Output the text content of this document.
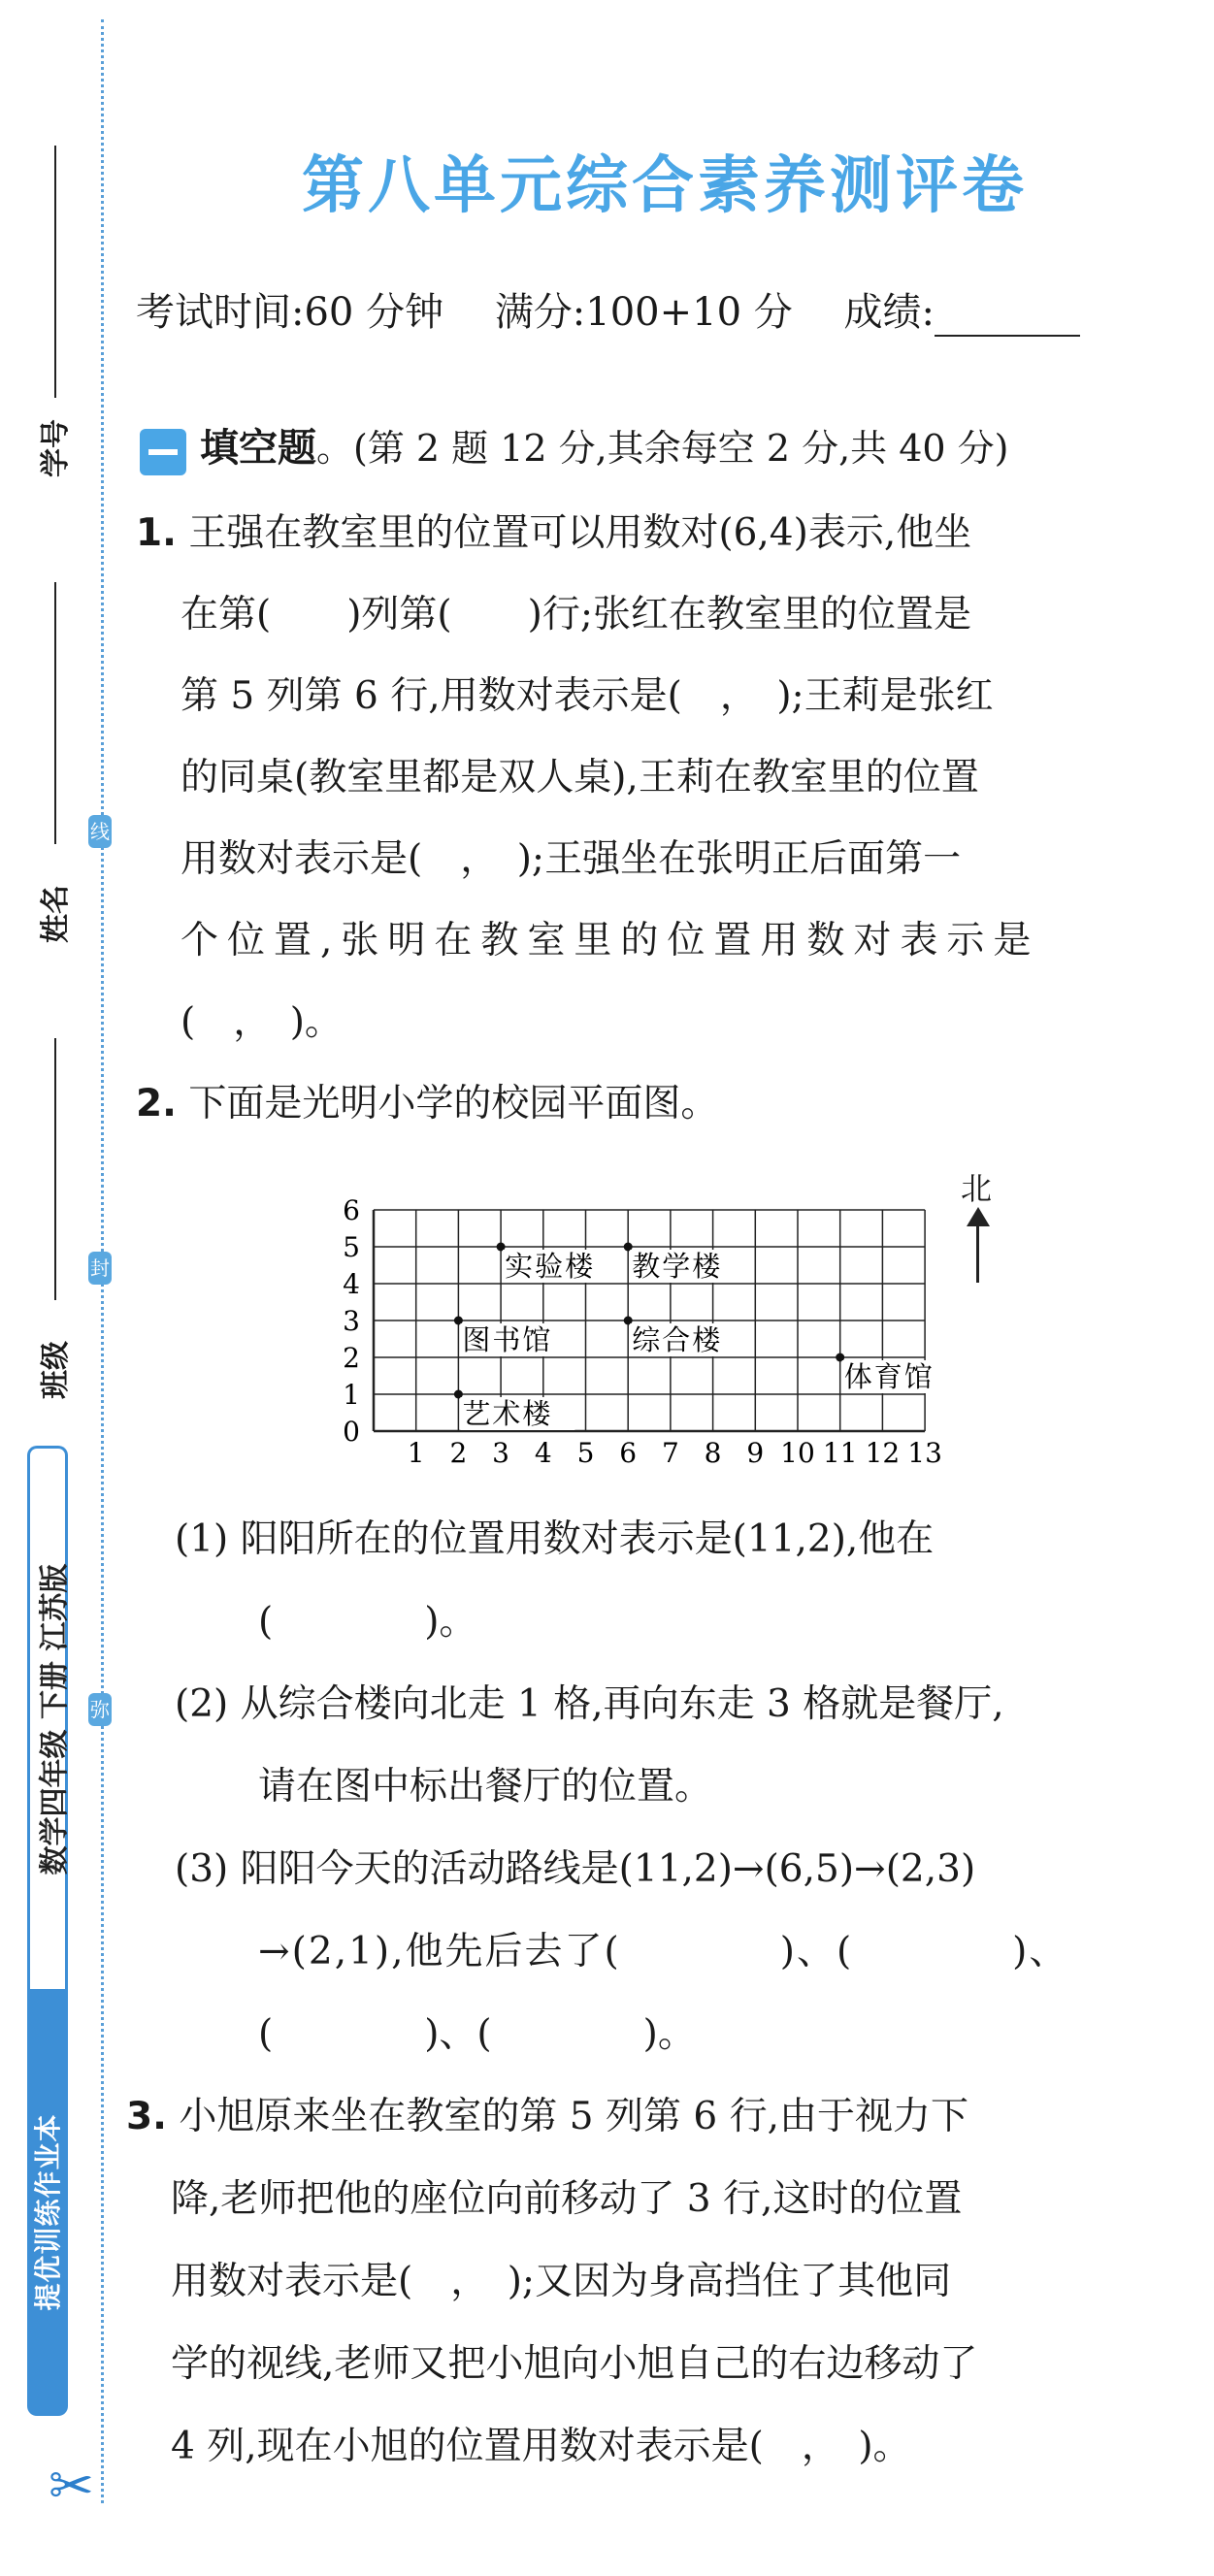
学号
姓名
班级
线
封
弥
数学四年级 下册 江苏版
提优训练作业本
✂
第八单元综合素养测评卷
考试时间:60 分钟 满分:100+10 分 成绩:
填空题。(第 2 题 12 分,其余每空 2 分,共 40 分)
1. 王强在教室里的位置可以用数对(6,4)表示,他坐
在第(　　)列第(　　)行;张红在教室里的位置是
第 5 列第 6 行,用数对表示是(　，　);王莉是张红
的同桌(教室里都是双人桌),王莉在教室里的位置
用数对表示是(　，　);王强坐在张明正后面第一
个位置,张明在教室里的位置用数对表示是
(　，　)。
2. 下面是光明小学的校园平面图。
1 2 3 4 5 6 7 8 9 10 11 12 13
0
1
2
3
4
5
6
实验楼 教学楼
图书馆	综合楼
艺术楼
体育馆
北
(1) 阳阳所在的位置用数对表示是(11,2),他在
(　　　　)。
(2) 从综合楼向北走 1 格,再向东走 3 格就是餐厅,
请在图中标出餐厅的位置。
(3) 阳阳今天的活动路线是(11,2)→(6,5)→(2,3)
→(2,1),他先后去了(　　　　)、(　　　　)、
(　　　　)、(　　　　)。
3. 小旭原来坐在教室的第 5 列第 6 行,由于视力下
降,老师把他的座位向前移动了 3 行,这时的位置
用数对表示是(　，　);又因为身高挡住了其他同
学的视线,老师又把小旭向小旭自己的右边移动了
4 列,现在小旭的位置用数对表示是(　，　)。
